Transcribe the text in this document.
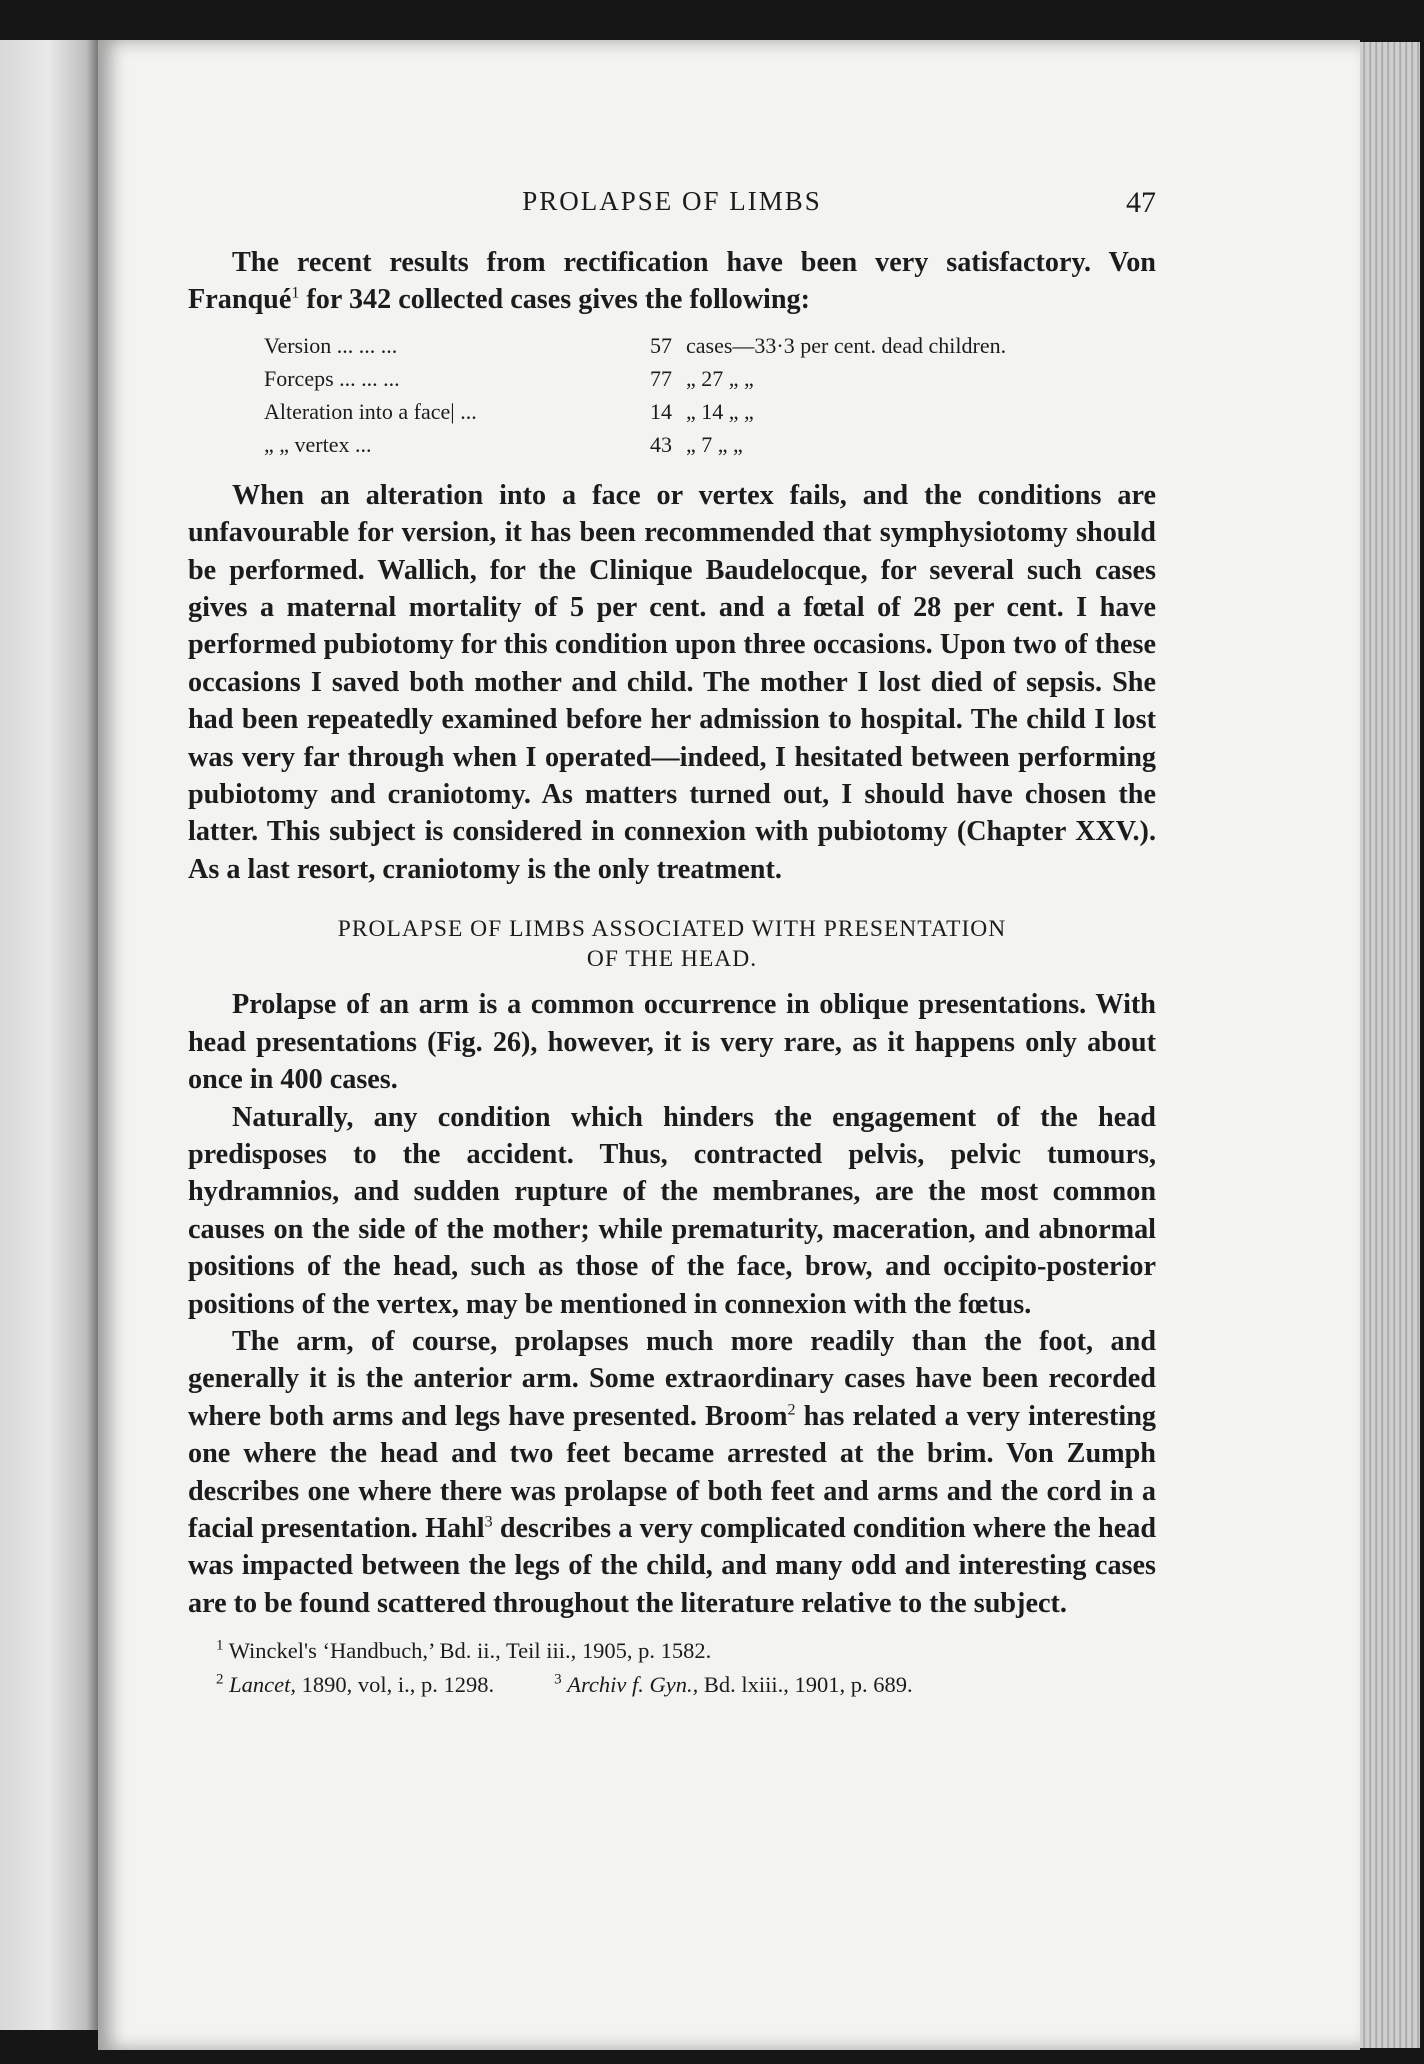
PROLAPSE OF LIMBS	47

The recent results from rectification have been very satisfactory. Von Franqué$^1$ for 342 collected cases gives the following:

Version ... ... ...	57	cases—33·3 per cent. dead children.
Forceps ... ... ...	77	„ 27 „ „
Alteration into a face| ...	14	„ 14 „ „
„ „ vertex ...	43	„ 7 „ „

When an alteration into a face or vertex fails, and the conditions are unfavourable for version, it has been recommended that symphysiotomy should be performed. Wallich, for the Clinique Baudelocque, for several such cases gives a maternal mortality of 5 per cent. and a fœtal of 28 per cent. I have performed pubiotomy for this condition upon three occasions. Upon two of these occasions I saved both mother and child. The mother I lost died of sepsis. She had been repeatedly examined before her admission to hospital. The child I lost was very far through when I operated—indeed, I hesitated between performing pubiotomy and craniotomy. As matters turned out, I should have chosen the latter. This subject is considered in connexion with pubiotomy (Chapter XXV.). As a last resort, craniotomy is the only treatment.

PROLAPSE OF LIMBS ASSOCIATED WITH PRESENTATION
OF THE HEAD.

Prolapse of an arm is a common occurrence in oblique presentations. With head presentations (Fig. 26), however, it is very rare, as it happens only about once in 400 cases.

Naturally, any condition which hinders the engagement of the head predisposes to the accident. Thus, contracted pelvis, pelvic tumours, hydramnios, and sudden rupture of the membranes, are the most common causes on the side of the mother; while prematurity, maceration, and abnormal positions of the head, such as those of the face, brow, and occipito-posterior positions of the vertex, may be mentioned in connexion with the fœtus.

The arm, of course, prolapses much more readily than the foot, and generally it is the anterior arm. Some extraordinary cases have been recorded where both arms and legs have presented. Broom$^2$ has related a very interesting one where the head and two feet became arrested at the brim. Von Zumph describes one where there was prolapse of both feet and arms and the cord in a facial presentation. Hahl$^3$ describes a very complicated condition where the head was impacted between the legs of the child, and many odd and interesting cases are to be found scattered throughout the literature relative to the subject.

$^1$ Winckel's ‘Handbuch,’ Bd. ii., Teil iii., 1905, p. 1582.
$^2$ Lancet, 1890, vol, i., p. 1298.	$^3$ Archiv f. Gyn., Bd. lxiii., 1901, p. 689.
